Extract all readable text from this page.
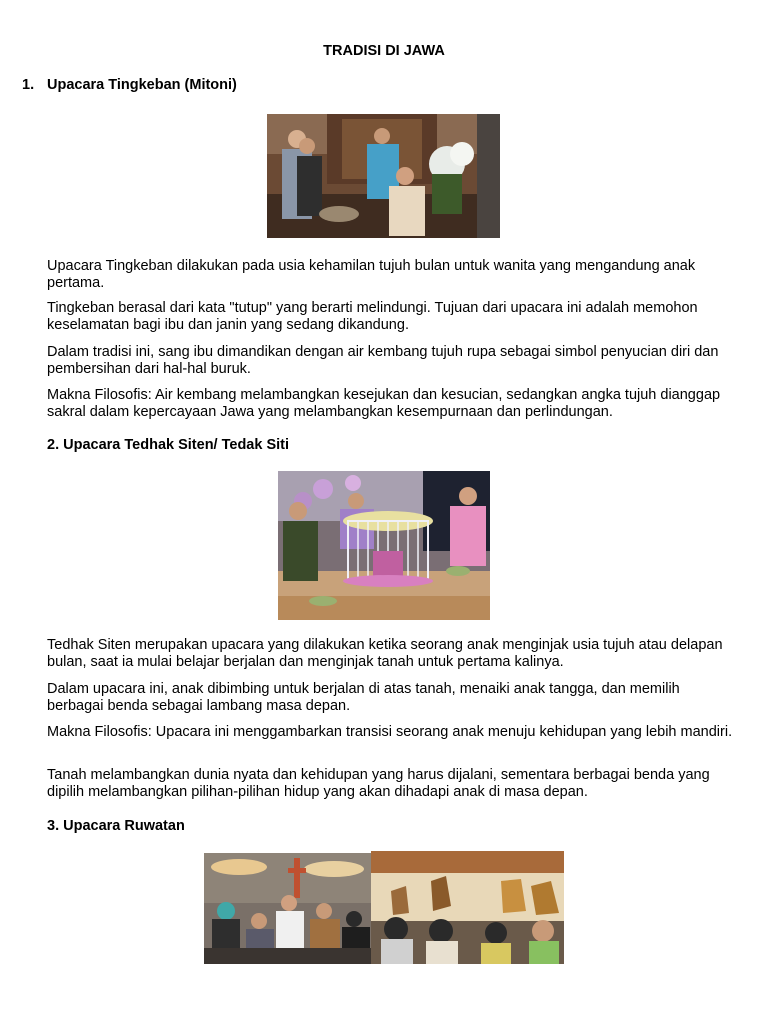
TRADISI DI JAWA
1. Upacara Tingkeban (Mitoni)

Upacara Tingkeban dilakukan pada usia kehamilan tujuh bulan untuk wanita yang mengandung anak pertama.

Tingkeban berasal dari kata "tutup" yang berarti melindungi. Tujuan dari upacara ini adalah memohon keselamatan bagi ibu dan janin yang sedang dikandung.

Dalam tradisi ini, sang ibu dimandikan dengan air kembang tujuh rupa sebagai simbol penyucian diri dan pembersihan dari hal-hal buruk.

Makna Filosofis: Air kembang melambangkan kesejukan dan kesucian, sedangkan angka tujuh dianggap sakral dalam kepercayaan Jawa yang melambangkan kesempurnaan dan perlindungan.

2. Upacara Tedhak Siten/ Tedak Siti

Tedhak Siten merupakan upacara yang dilakukan ketika seorang anak menginjak usia tujuh atau delapan bulan, saat ia mulai belajar berjalan dan menginjak tanah untuk pertama kalinya.

Dalam upacara ini, anak dibimbing untuk berjalan di atas tanah, menaiki anak tangga, dan memilih berbagai benda sebagai lambang masa depan.

Makna Filosofis: Upacara ini menggambarkan transisi seorang anak menuju kehidupan yang lebih mandiri.

Tanah melambangkan dunia nyata dan kehidupan yang harus dijalani, sementara berbagai benda yang dipilih melambangkan pilihan-pilihan hidup yang akan dihadapi anak di masa depan.

3. Upacara Ruwatan
